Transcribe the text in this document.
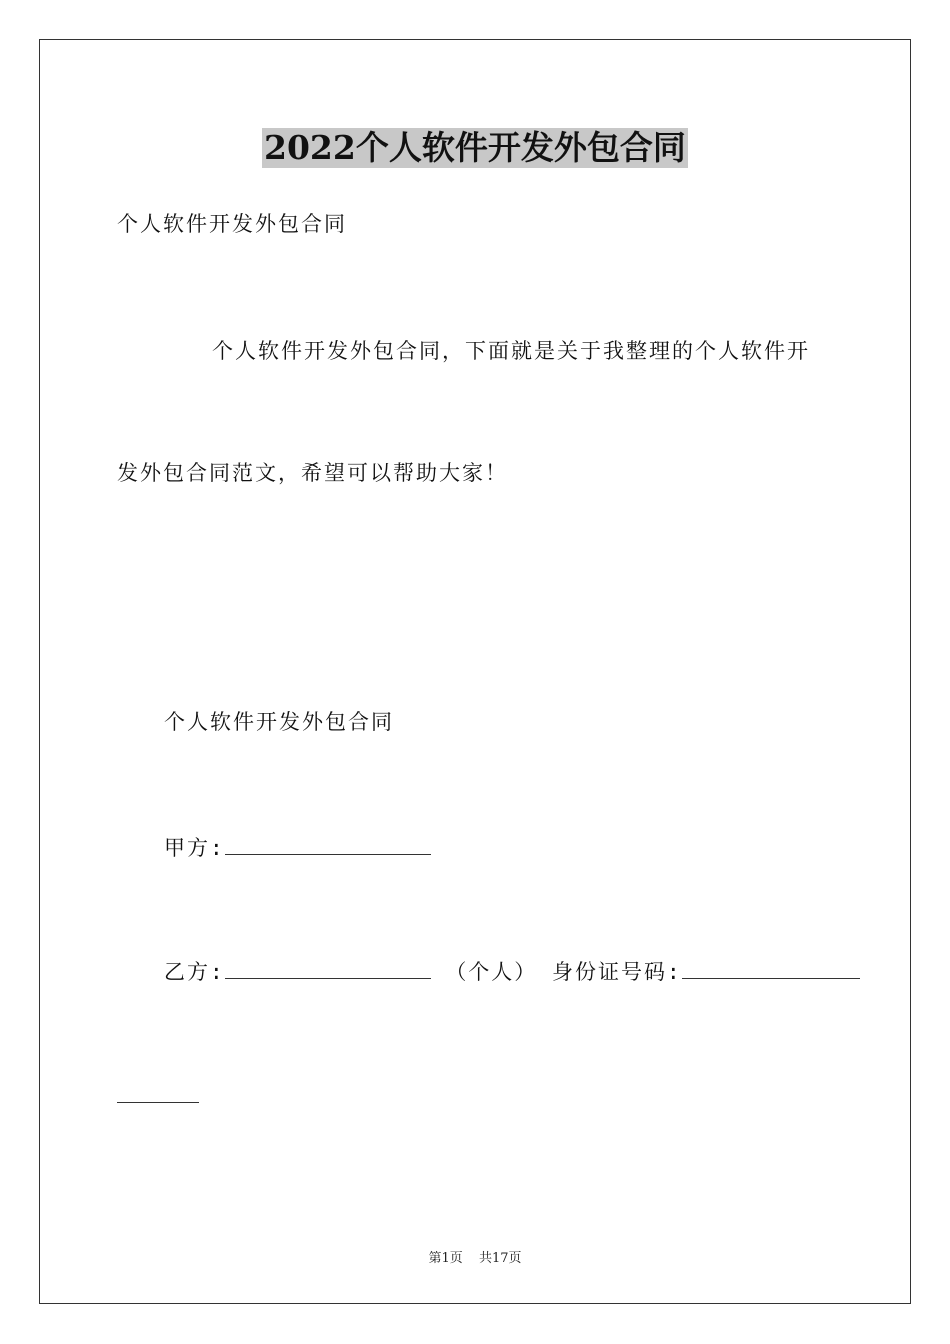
2022个人软件开发外包合同
个人软件开发外包合同
个人软件开发外包合同，下面就是关于我整理的个人软件开
发外包合同范文，希望可以帮助大家！
个人软件开发外包合同
甲方:
乙方:	（个人） 身份证号码:
第1页 共17页
